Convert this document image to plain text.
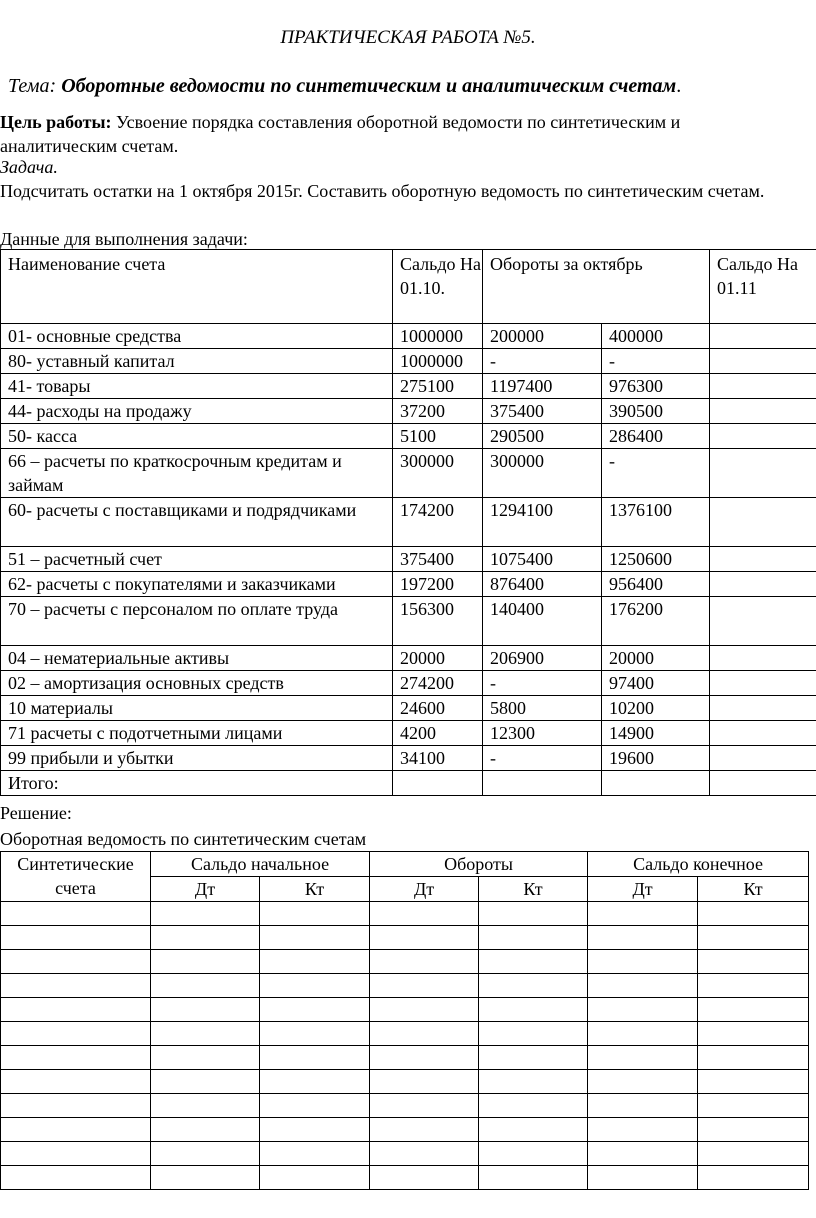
ПРАКТИЧЕСКАЯ РАБОТА №5.
Тема: Оборотные ведомости по синтетическим и аналитическим счетам.
Цель работы: Усвоение порядка составления оборотной ведомости по синтетическим и аналитическим счетам.
Задача.
Подсчитать остатки на 1 октября 2015г. Составить оборотную ведомость по синтетическим счетам.
Данные для выполнения задачи:
Наименование счета	Сальдо На 01.10.	Обороты за октябрь		Сальдо На 01.11
01- основные средства	1000000	200000	400000	
80- уставный капитал	1000000	-	-	
41- товары	275100	1197400	976300	
44- расходы на продажу	37200	375400	390500	
50- касса	5100	290500	286400	
66 – расчеты по краткосрочным кредитам и займам	300000	300000	-	
60- расчеты с поставщиками и подрядчиками	174200	1294100	1376100	
51 – расчетный счет	375400	1075400	1250600	
62- расчеты с покупателями и заказчиками	197200	876400	956400	
70 – расчеты с персоналом по оплате труда	156300	140400	176200	
04 – нематериальные активы	20000	206900	20000	
02 – амортизация основных средств	274200	-	97400	
10 материалы	24600	5800	10200	
71 расчеты с подотчетными лицами	4200	12300	14900	
99 прибыли и убытки	34100	-	19600	
Итого:				
Решение:
Оборотная ведомость по синтетическим счетам
Синтетические счета	Сальдо начальное		Обороты		Сальдо конечное	
	Дт	Кт	Дт	Кт	Дт	Кт
